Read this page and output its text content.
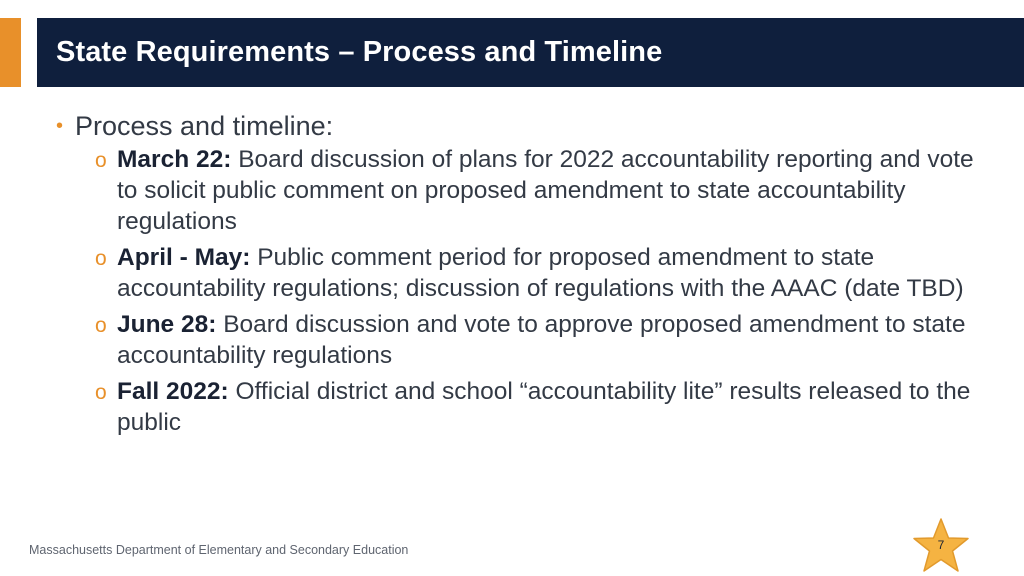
State Requirements – Process and Timeline
• Process and timeline:
o March 22: Board discussion of plans for 2022 accountability reporting and vote to solicit public comment on proposed amendment to state accountability regulations
o April - May: Public comment period for proposed amendment to state accountability regulations; discussion of regulations with the AAAC (date TBD)
o June 28: Board discussion and vote to approve proposed amendment to state accountability regulations
o Fall 2022: Official district and school “accountability lite” results released to the public
Massachusetts Department of Elementary and Secondary Education	7
